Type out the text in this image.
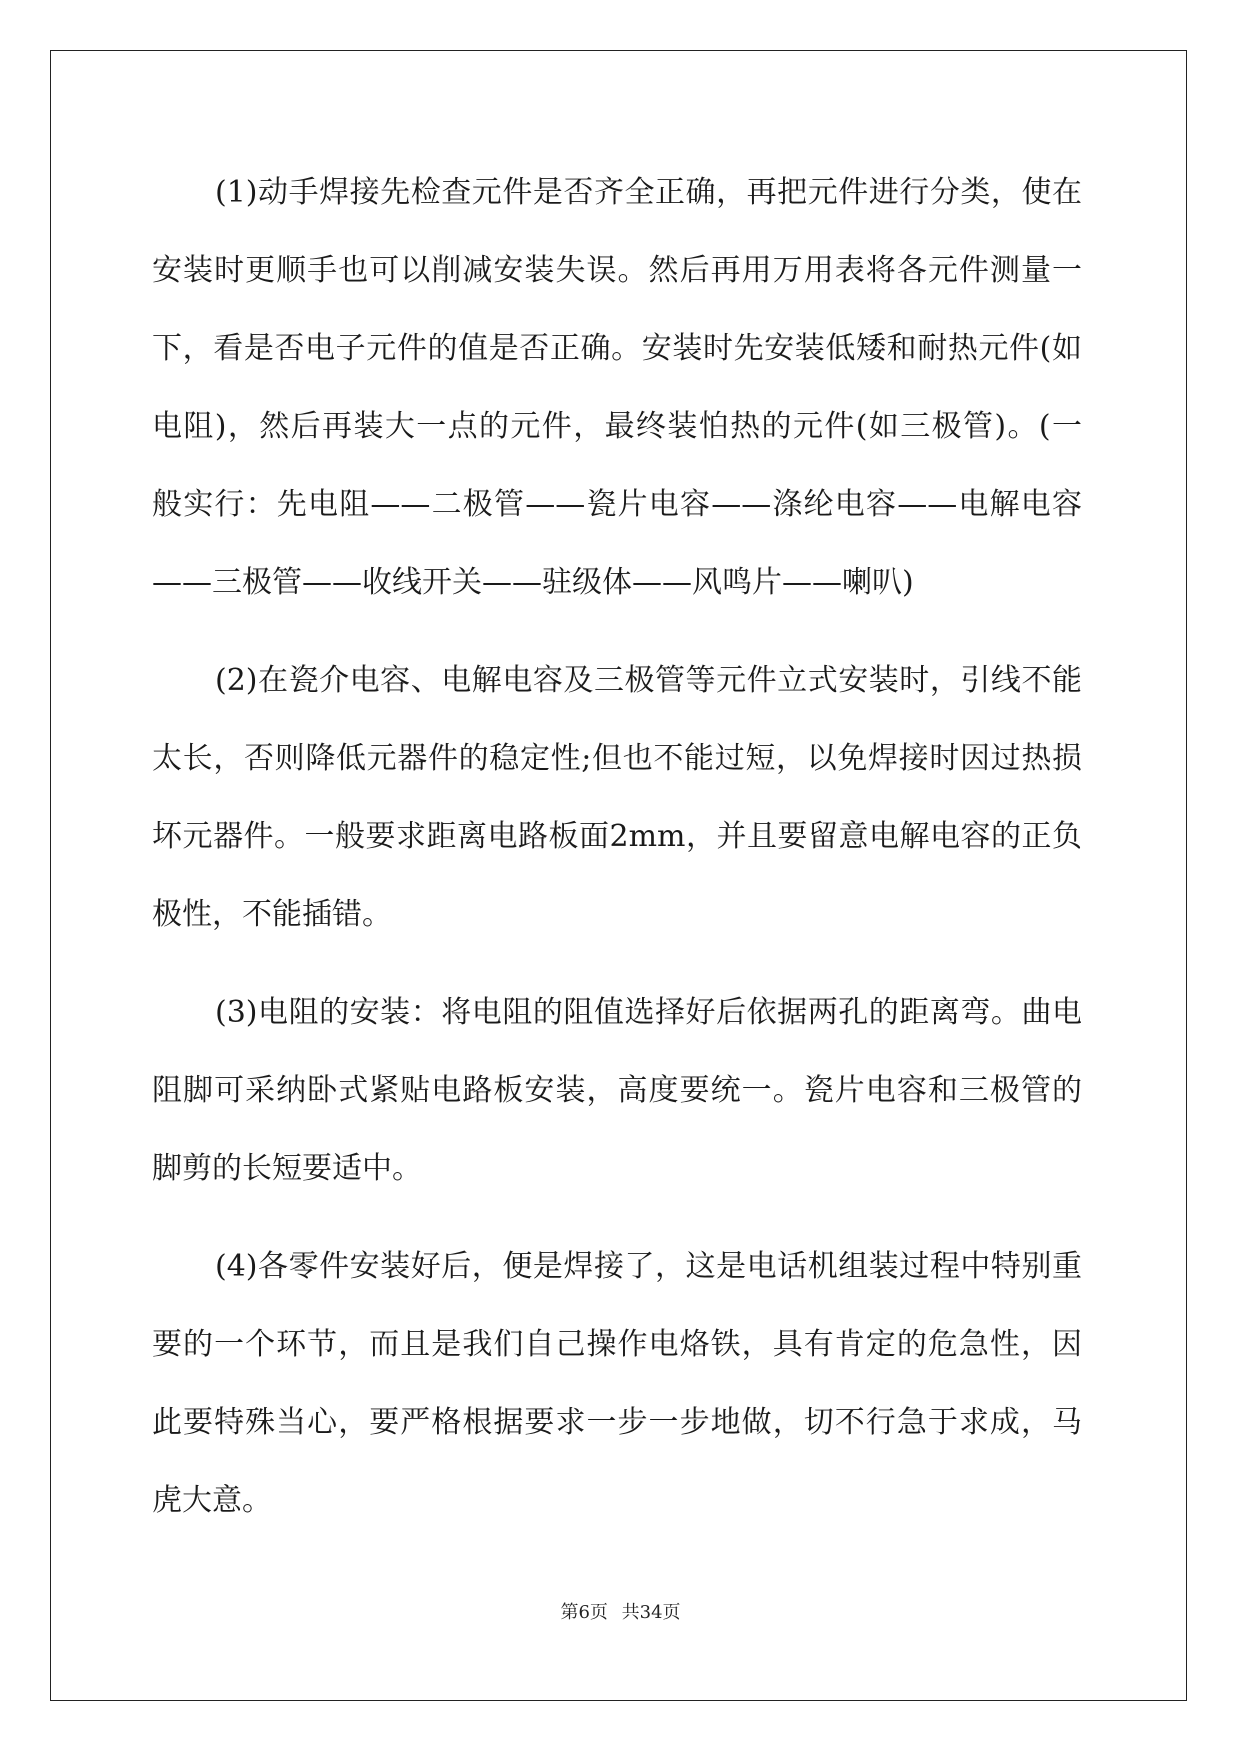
(1)动手焊接先检查元件是否齐全正确，再把元件进行分类，使在
安装时更顺手也可以削减安装失误。然后再用万用表将各元件测量一
下，看是否电子元件的值是否正确。安装时先安装低矮和耐热元件(如
电阻)，然后再装大一点的元件，最终装怕热的元件(如三极管)。(一
般实行：先电阻——二极管——瓷片电容——涤纶电容——电解电容
——三极管——收线开关——驻级体——风鸣片——喇叭)
(2)在瓷介电容、电解电容及三极管等元件立式安装时，引线不能
太长，否则降低元器件的稳定性;但也不能过短，以免焊接时因过热损
坏元器件。一般要求距离电路板面2mm，并且要留意电解电容的正负
极性，不能插错。
(3)电阻的安装：将电阻的阻值选择好后依据两孔的距离弯。曲电
阻脚可采纳卧式紧贴电路板安装，高度要统一。瓷片电容和三极管的
脚剪的长短要适中。
(4)各零件安装好后，便是焊接了，这是电话机组装过程中特别重
要的一个环节，而且是我们自己操作电烙铁，具有肯定的危急性，因
此要特殊当心，要严格根据要求一步一步地做，切不行急于求成，马
虎大意。
第6页 共34页
